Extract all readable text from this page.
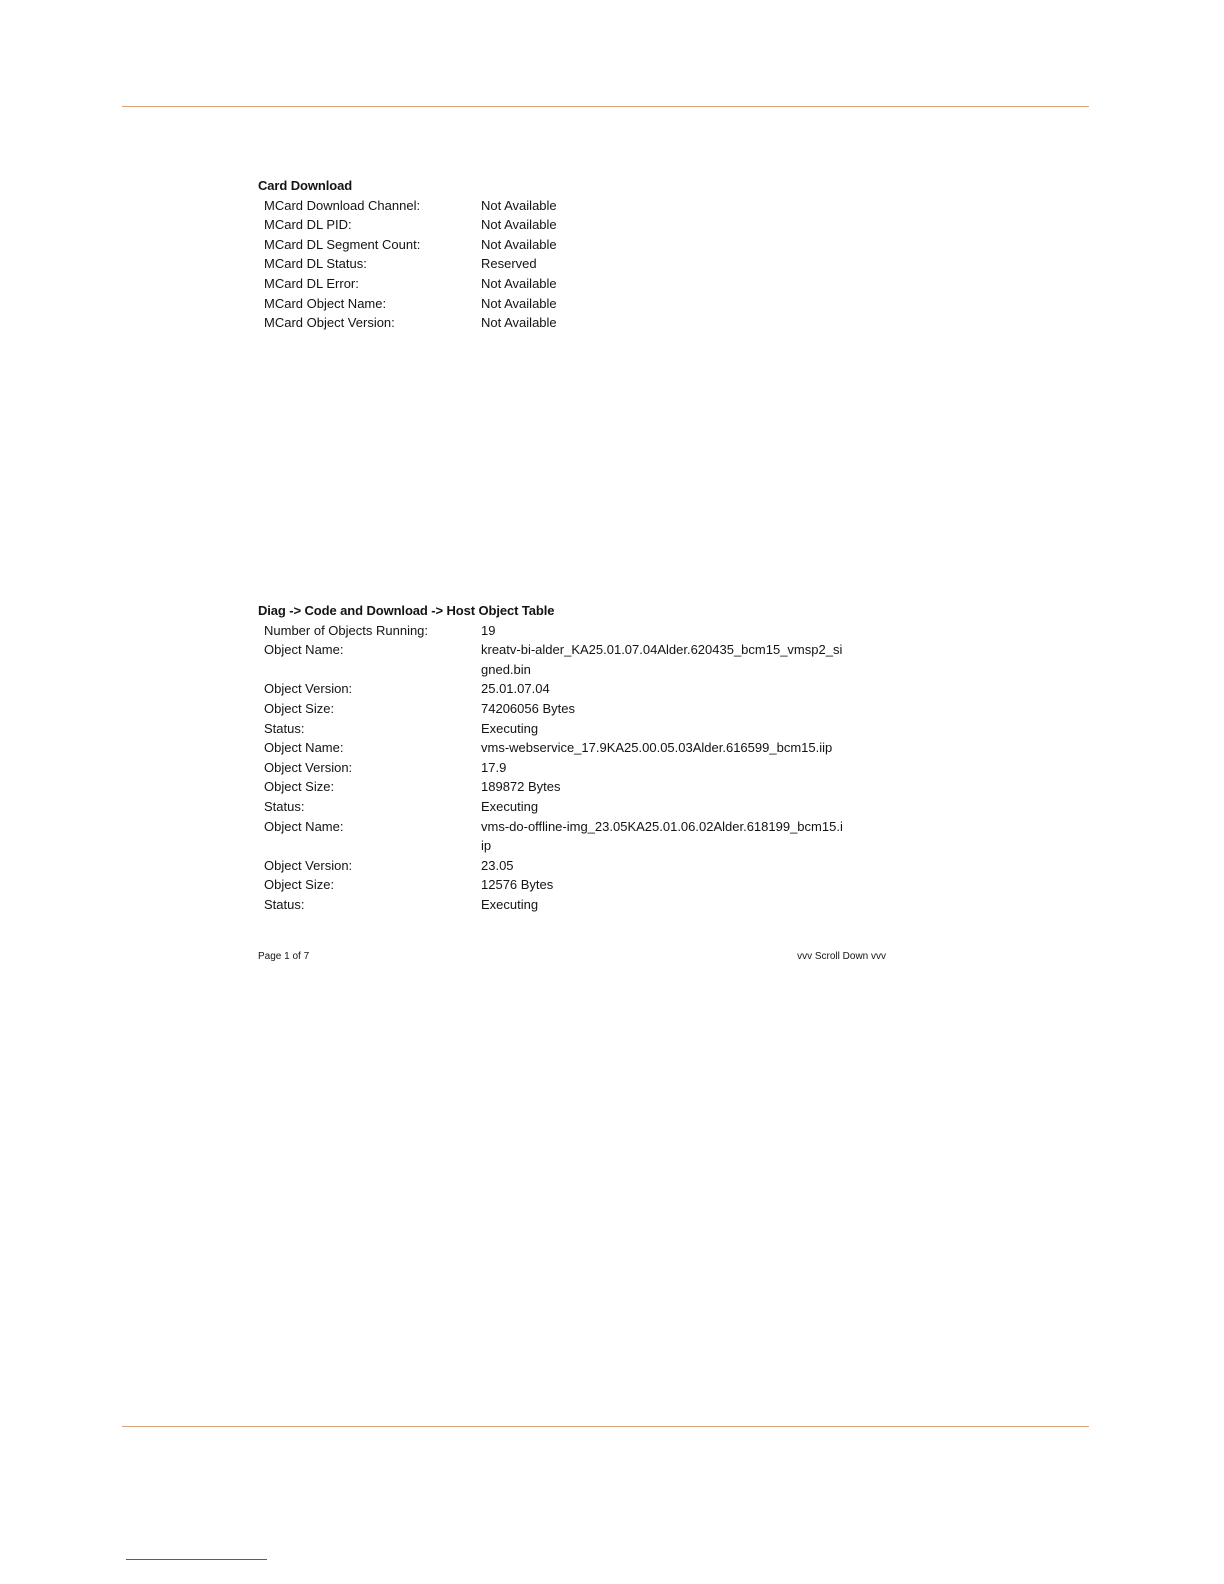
Card Download
MCard Download Channel:	Not Available
MCard DL PID:	Not Available
MCard DL Segment Count:	Not Available
MCard DL Status:	Reserved
MCard DL Error:	Not Available
MCard Object Name:	Not Available
MCard Object Version:	Not Available
Diag -> Code and Download -> Host Object Table
Number of Objects Running:	19
Object Name:	kreatv-bi-alder_KA25.01.07.04Alder.620435_bcm15_vmsp2_signed.bin
Object Version:	25.01.07.04
Object Size:	74206056 Bytes
Status:	Executing
Object Name:	vms-webservice_17.9KA25.00.05.03Alder.616599_bcm15.iip
Object Version:	17.9
Object Size:	189872 Bytes
Status:	Executing
Object Name:	vms-do-offline-img_23.05KA25.01.06.02Alder.618199_bcm15.iip
Object Version:	23.05
Object Size:	12576 Bytes
Status:	Executing
Page 1 of 7	vvv Scroll Down vvv
